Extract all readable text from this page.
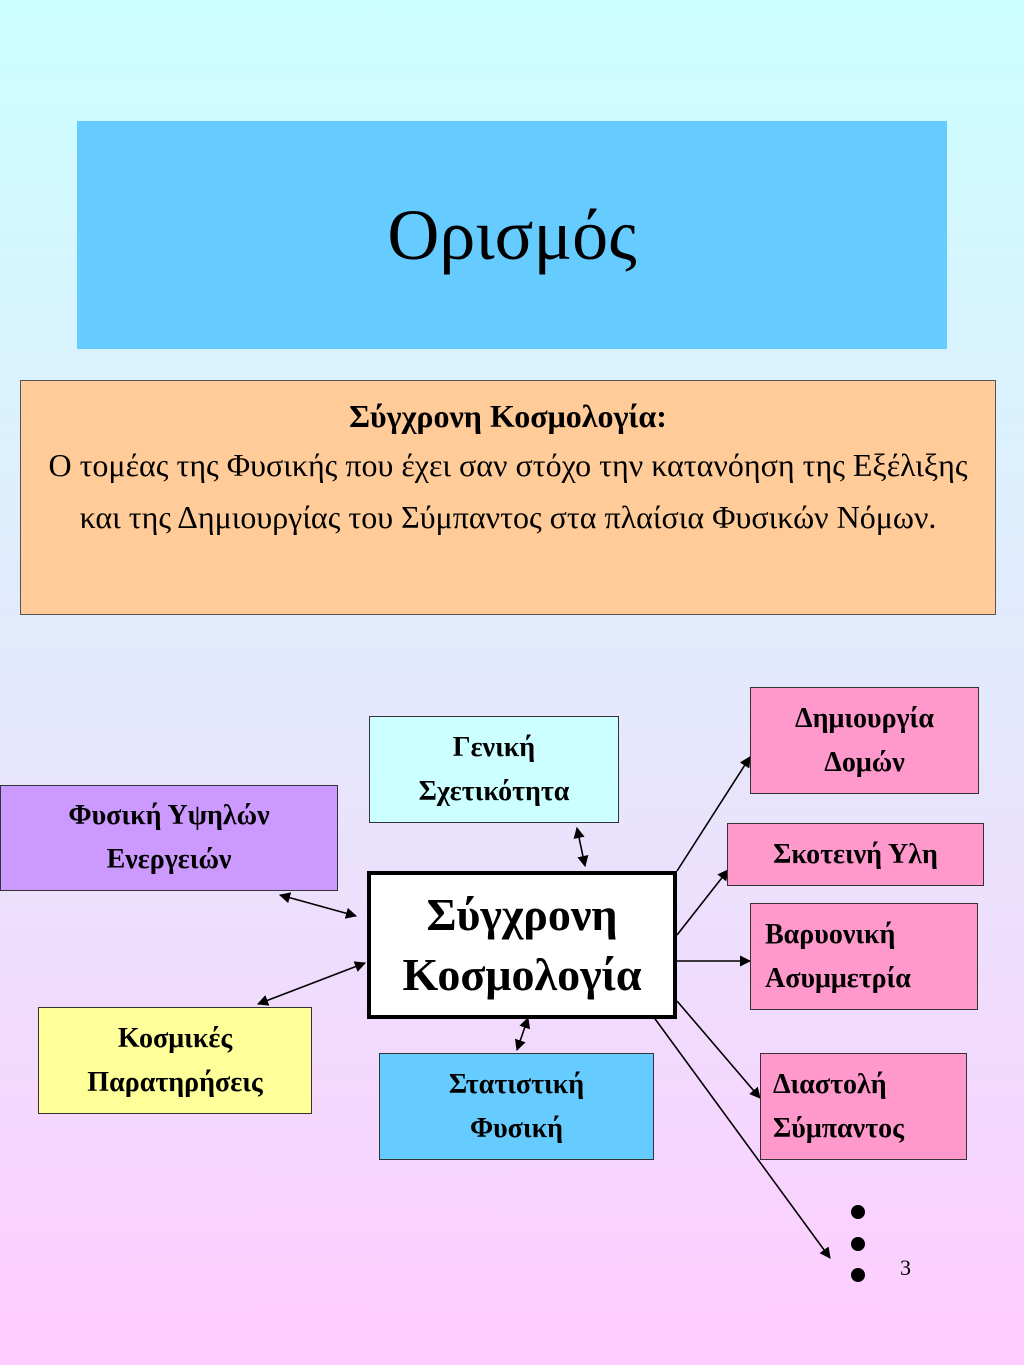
Ορισμός
Σύγχρονη Κοσμολογία:
Ο τομέας της Φυσικής που έχει σαν στόχο την κατανόηση της Εξέλιξης και της Δημιουργίας του Σύμπαντος στα πλαίσια Φυσικών Νόμων.
Σύγχρονη
Κοσμολογία
Γενική
Σχετικότητα
Φυσική Υψηλών
Ενεργειών
Κοσμικές
Παρατηρήσεις	Στατιστική
Φυσική
Δημιουργία
Δομών
Σκοτεινή Υλη
Βαρυονική
Ασυμμετρία
Διαστολή
Σύμπαντος
3
